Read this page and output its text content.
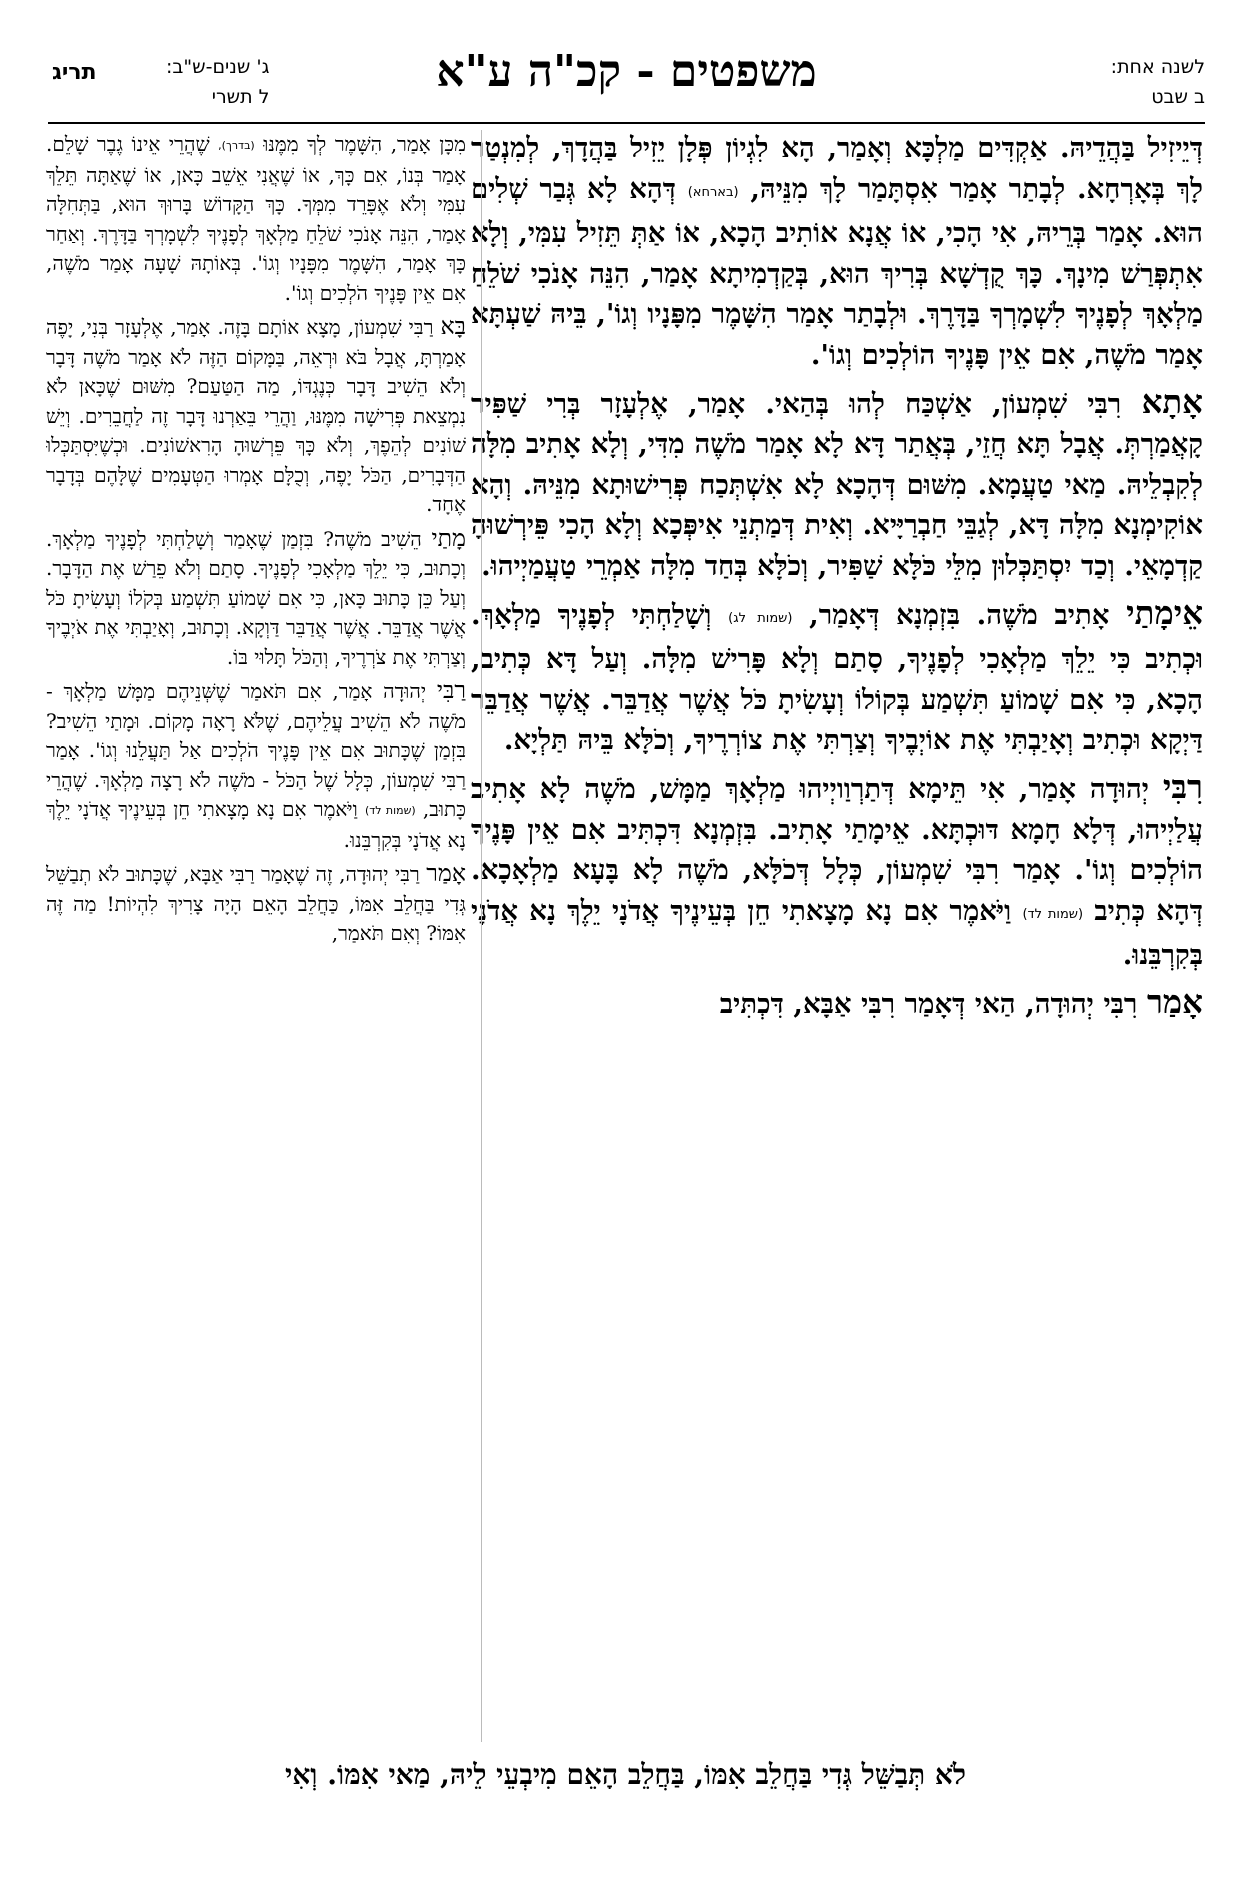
לשנה אחת:
ב שבט
משפטים - קכ"ה ע"א
ג' שנים-ש"ב:
ל תשרי
תריג

דְּיֵיזִיל בַּהֲדֵיהּ. אַקְדִּים מַלְכָּא וְאָמַר, הָא לִגְיוֹן פְּלָן יֵזִיל בַּהֲדָךְ, לְמִנְטַר לָךְ בְּאָרְחָא. לְבָתַר אָמַר אִסְתָּמַר לָךְ מִנֵּיהּ, (בארחא) דְּהָא לָא גְּבַר שְׁלִים הוּא. אָמַר בְּרֵיהּ, אִי הָכִי, אוֹ אֲנָא אוֹתִיב הָכָא, אוֹ אַתְּ תֵּזִיל עִמִּי, וְלָא אִתְפְּרַשׁ מִינָךְ. כָּךְ קֻדְשָׁא בְּרִיךְ הוּא, בְּקַדְמִיתָא אָמַר, הִנֵּה אָנֹכִי שֹׁלֵחַ מַלְאָךְ לְפָנֶיךָ לִשְׁמָרְךָ בַּדָּרֶךְ. וּלְבָתַר אָמַר הִשָּׁמֶר מִפָּנָיו וְגוֹ', בֵּיהּ שַׁעְתָּא אָמַר מֹשֶׁה, אִם אֵין פָּנֶיךָ הוֹלְכִים וְגוֹ'.

אָתָא רִבִּי שִׁמְעוֹן, אַשְׁכַּח לְהוּ בְּהַאי. אָמַר, אֶלְעָזָר בְּרִי שַׁפִּיר קָאֲמַרְתְּ. אֲבָל תָּא חֲזֵי, בְּאֲתַר דָּא לָא אָמַר מֹשֶׁה מִדִּי, וְלָא אָתִיב מִלָּה לְקִבְלֵיהּ. מַאי טַעֲמָא. מִשּׁוּם דְּהָכָא לָא אִשְׁתְּכַח פְּרִישׁוּתָא מִנֵּיהּ. וְהָא אוֹקִימְנָא מִלָּה דָּא, לְגַבֵּי חַבְרַיָּיא. וְאִית דְּמַתְנֵי אִיפְּכָא וְלָא הָכִי פֵּירְשׁוּהָ קַדְמָאֵי. וְכַד יִסְתַּכְּלוּן מִלֵּי כֹּלָּא שַׁפִּיר, וְכֹלָּא בְּחַד מִלָּה אַמְרֵי טַעֲמַיְיהוּ.

אֵימָתַי אָתִיב מֹשֶׁה. בִּזְמְנָא דְּאָמַר, (שמות לג) וְשָׁלַחְתִּי לְפָנֶיךָ מַלְאָךְ. וּכְתִיב כִּי יֵלֵךְ מַלְאָכִי לְפָנֶיךָ, סָתַם וְלָא פָּרִישׁ מִלָּה. וְעַל דָּא כְּתִיב, הָכָא, כִּי אִם שָׁמוֹעַ תִּשְׁמַע בְּקוֹלוֹ וְעָשִׂיתָ כֹּל אֲשֶׁר אֲדַבֵּר. אֲשֶׁר אֲדַבֵּר דַּיְקָא וּכְתִיב וְאָיַבְתִּי אֶת אוֹיְבֶיךָ וְצַרְתִּי אֶת צוֹרְרֶיךָ, וְכֹלָּא בֵּיהּ תַּלְיָא.

רִבִּי יְהוּדָה אָמַר, אִי תֵּימָא דְּתַרְוַויְיהוּ מַלְאָךְ מַמָּשׁ, מֹשֶׁה לָא אָתִיב עֲלַיְיהוּ, דְּלָא חָמָא דּוּכְתָּא. אֵימָתַי אָתִיב. בִּזְמְנָא דִּכְתִּיב אִם אֵין פָּנֶיךָ הוֹלְכִים וְגוֹ'. אָמַר רִבִּי שִׁמְעוֹן, כְּלָל דְּכֹלָּא, מֹשֶׁה לָא בָּעָא מַלְאָכָא. דְּהָא כְּתִיב (שמות לד) וַיֹּאמֶר אִם נָא מָצָאתִי חֵן בְּעֵינֶיךָ אֲדֹנָי יֵלֶךְ נָא אֲדֹנָי בְּקִרְבֵּנוּ.

אָמַר רִבִּי יְהוּדָה, הַאי דְּאָמַר רִבִּי אַבָּא, דִּכְתִּיב

מִכָּן אָמַר, הִשָּׁמֶר לְךָ מִמֶּנּוּ (בדרך), שֶׁהֲרֵי אֵינוֹ גֶבֶר שָׁלֵם. אָמַר בְּנוֹ, אִם כָּךְ, אוֹ שֶׁאֲנִי אֵשֵׁב כָּאן, אוֹ שֶׁאַתָּה תֵּלֵךְ עִמִּי וְלֹא אֶפָּרֵד מִמְּךָ. כָּךְ הַקָּדוֹשׁ בָּרוּךְ הוּא, בַּתְּחִלָּה אָמַר, הִנֵּה אָנֹכִי שֹׁלֵחַ מַלְאָךְ לְפָנֶיךָ לִשְׁמָרְךָ בַּדָּרֶךְ. וְאַחַר כָּךְ אָמַר, הִשָּׁמֶר מִפָּנָיו וְגוֹ'. בְּאוֹתָהּ שָׁעָה אָמַר מֹשֶׁה, אִם אֵין פָּנֶיךָ הֹלְכִים וְגוֹ'.

בָּא רַבִּי שִׁמְעוֹן, מָצָא אוֹתָם בָּזֶה. אָמַר, אֶלְעָזָר בְּנִי, יָפֶה אָמַרְתָּ, אֲבָל בֹּא וּרְאֵה, בַּמָּקוֹם הַזֶּה לֹא אָמַר מֹשֶׁה דָּבָר וְלֹא הֵשִׁיב דָּבָר כְּנֶגְדּוֹ, מַה הַטַּעַם? מִשּׁוּם שֶׁכָּאן לֹא נִמְצֵאת פְּרִישָׁה מִמֶּנּוּ, וַהֲרֵי בֵּאַרְנוּ דָּבָר זֶה לַחֲבֵרִים. וְיֵשׁ שׁוֹנִים לְהֵפֶךְ, וְלֹא כָּךְ פֵּרְשׁוּהָ הָרִאשׁוֹנִים. וּכְשֶׁיִּסְתַּכְּלוּ הַדְּבָרִים, הַכֹּל יָפֶה, וְכֻלָּם אָמְרוּ הַטְּעָמִים שֶׁלָּהֶם בְּדָבָר אֶחָד.

מָתַי הֵשִׁיב מֹשֶׁה? בִּזְמַן שֶׁאָמַר וְשָׁלַחְתִּי לְפָנֶיךָ מַלְאָךְ. וְכָתוּב, כִּי יֵלֵךְ מַלְאָכִי לְפָנֶיךָ. סָתַם וְלֹא פֵרַשׁ אֶת הַדָּבָר. וְעַל כֵּן כָּתוּב כָּאן, כִּי אִם שָׁמוֹעַ תִּשְׁמַע בְּקֹלוֹ וְעָשִׂיתָ כֹּל אֲשֶׁר אֲדַבֵּר. אֲשֶׁר אֲדַבֵּר דַּוְקָא. וְכָתוּב, וְאָיַבְתִּי אֶת אֹיְבֶיךָ וְצַרְתִּי אֶת צֹרְרֶיךָ, וְהַכֹּל תָּלוּי בּוֹ.

רַבִּי יְהוּדָה אָמַר, אִם תֹּאמַר שֶׁשְּׁנֵיהֶם מַמָּשׁ מַלְאָךְ - מֹשֶׁה לֹא הֵשִׁיב עֲלֵיהֶם, שֶׁלֹּא רָאָה מָקוֹם. וּמָתַי הֵשִׁיב? בִּזְמַן שֶׁכָּתוּב אִם אֵין פָּנֶיךָ הֹלְכִים אַל תַּעֲלֵנוּ וְגוֹ'. אָמַר רַבִּי שִׁמְעוֹן, כְּלָל שֶׁל הַכֹּל - מֹשֶׁה לֹא רָצָה מַלְאָךְ. שֶׁהֲרֵי כָּתוּב, (שמות לד) וַיֹּאמֶר אִם נָא מָצָאתִי חֵן בְּעֵינֶיךָ אֲדֹנָי יֵלֶךְ נָא אֲדֹנָי בְּקִרְבֵּנוּ.

אָמַר רַבִּי יְהוּדָה, זֶה שֶׁאָמַר רַבִּי אַבָּא, שֶׁכָּתוּב לֹא תְבַשֵּׁל גְּדִי בַּחֲלֵב אִמּוֹ, כַּחֲלֵב הָאֵם הָיָה צָרִיךְ לִהְיוֹת! מַה זֶּה אִמּוֹ? וְאִם תֹּאמַר,

לֹא תְּבַשֵּׁל גְּדִי בַּחֲלֵב אִמּוֹ, בַּחֲלֵב הָאֵם מִיבְעֵי לֵיהּ, מַאי אִמּוֹ. וְאִי
